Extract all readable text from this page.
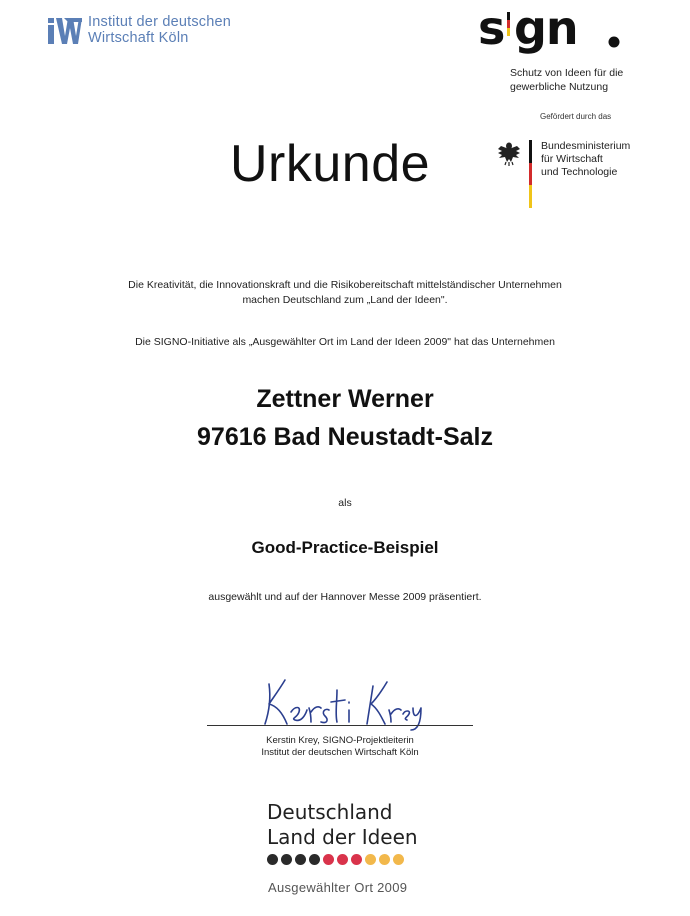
Institut der deutschen
Wirtschaft Köln	s gn
Schutz von Ideen für die
gewerbliche Nutzung
Gefördert durch das
Bundesministerium
für Wirtschaft
und Technologie
Urkunde
Die Kreativität, die Innovationskraft und die Risikobereitschaft mittelständischer Unternehmen
machen Deutschland zum „Land der Ideen".
Die SIGNO-Initiative als „Ausgewählter Ort im Land der Ideen 2009" hat das Unternehmen
Zettner Werner
97616 Bad Neustadt-Salz
als
Good-Practice-Beispiel
ausgewählt und auf der Hannover Messe 2009 präsentiert.
Kerstin Krey, SIGNO-Projektleiterin
Institut der deutschen Wirtschaft Köln
Deutschland
Land der Ideen
Ausgewählter Ort 2009
